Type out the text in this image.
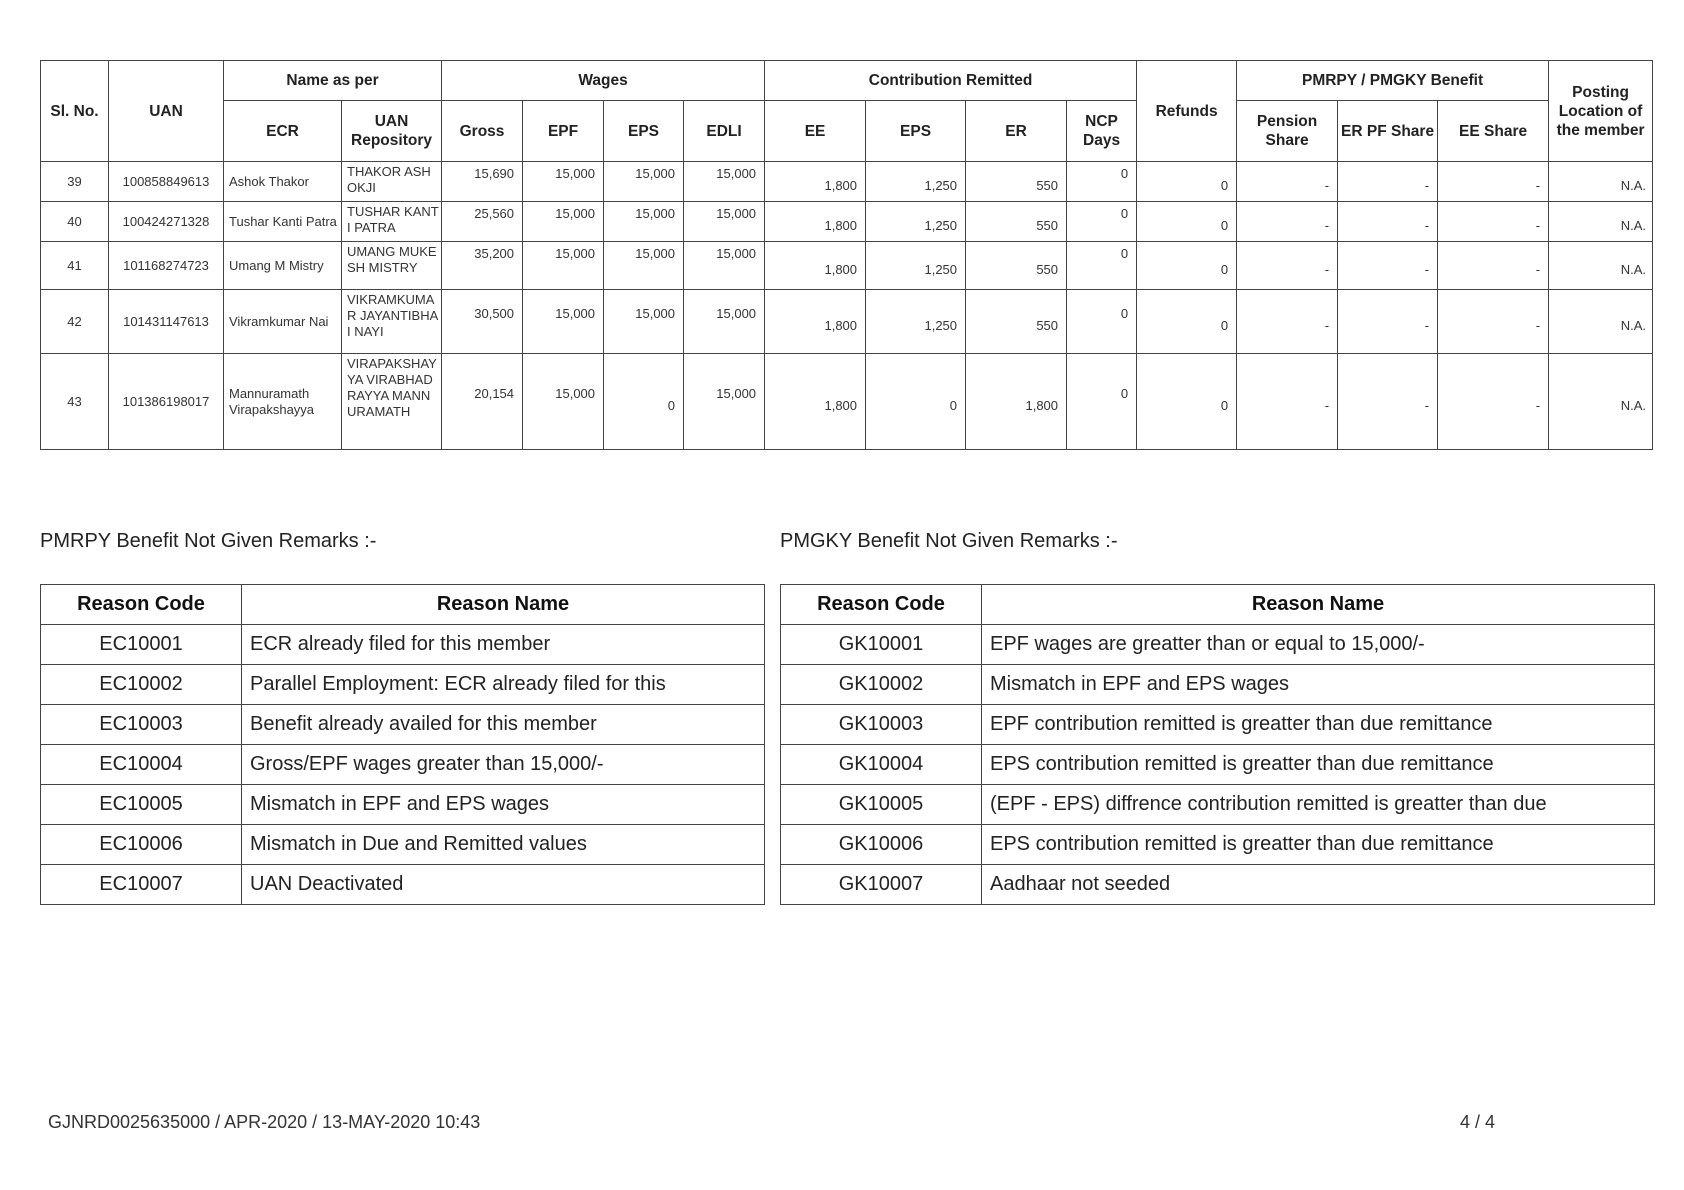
Sl. No.	UAN	Name as per		Wages				Contribution Remitted				Refunds	PMRPY / PMGKY Benefit			Posting Location of the member
		ECR	UAN Repository	Gross	EPF	EPS	EDLI	EE	EPS	ER	NCP Days		Pension Share	ER PF Share	EE Share	
39	100858849613	Ashok Thakor	THAKOR ASHOKJI	15,690	15,000	15,000	15,000	1,800	1,250	550	0	0	-	-	-	N.A.
40	100424271328	Tushar Kanti Patra	TUSHAR KANTI PATRA	25,560	15,000	15,000	15,000	1,800	1,250	550	0	0	-	-	-	N.A.
41	101168274723	Umang M Mistry	UMANG MUKESH MISTRY	35,200	15,000	15,000	15,000	1,800	1,250	550	0	0	-	-	-	N.A.
42	101431147613	Vikramkumar Nai	VIKRAMKUMAR JAYANTIBHAI NAYI	30,500	15,000	15,000	15,000	1,800	1,250	550	0	0	-	-	-	N.A.
43	101386198017	Mannuramath Virapakshayya	VIRAPAKSHAYYA VIRABHADRAYYA MANNURAMATH	20,154	15,000	0	15,000	1,800	0	1,800	0	0	-	-	-	N.A.
PMRPY Benefit Not Given Remarks :-
Reason Code	Reason Name
EC10001	ECR already filed for this member
EC10002	Parallel Employment: ECR already filed for this
EC10003	Benefit already availed for this member
EC10004	Gross/EPF wages greater than 15,000/-
EC10005	Mismatch in EPF and EPS wages
EC10006	Mismatch in Due and Remitted values
EC10007	UAN Deactivated
PMGKY Benefit Not Given Remarks :-
Reason Code	Reason Name
GK10001	EPF wages are greatter than or equal to 15,000/-
GK10002	Mismatch in EPF and EPS wages
GK10003	EPF contribution remitted is greatter than due remittance
GK10004	EPS contribution remitted is greatter than due remittance
GK10005	(EPF - EPS) diffrence contribution remitted is greatter than due
GK10006	EPS contribution remitted is greatter than due remittance
GK10007	Aadhaar not seeded
GJNRD0025635000 / APR-2020 / 13-MAY-2020 10:43	4 / 4
